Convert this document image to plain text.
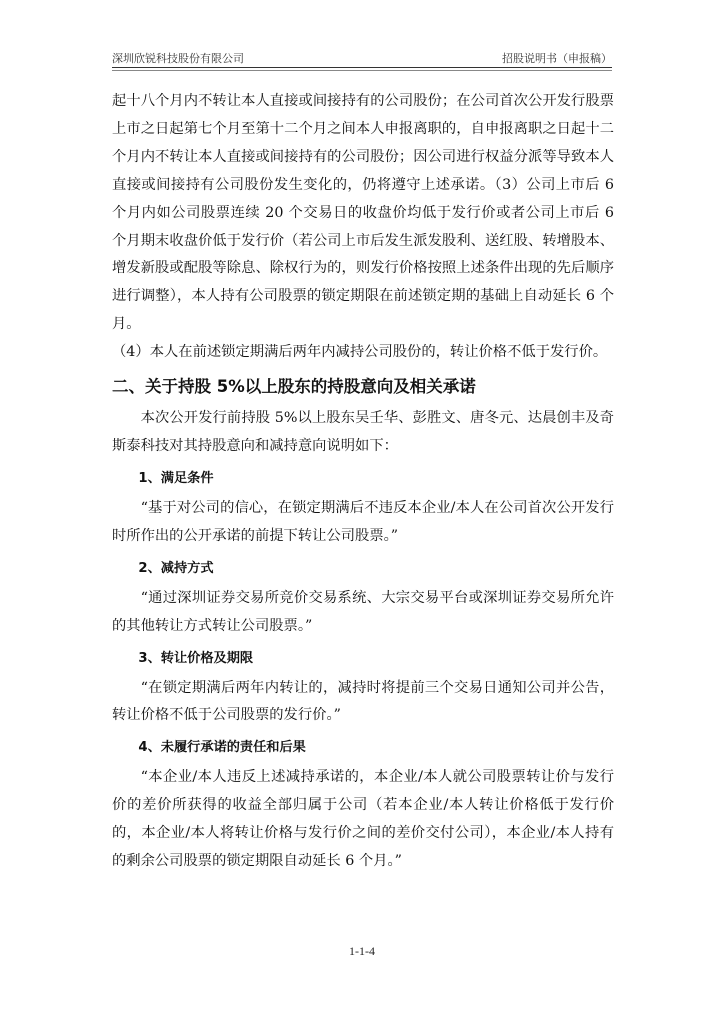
深圳欣锐科技股份有限公司	招股说明书（申报稿）

起十八个月内不转让本人直接或间接持有的公司股份；在公司首次公开发行股票上市之日起第七个月至第十二个月之间本人申报离职的，自申报离职之日起十二个月内不转让本人直接或间接持有的公司股份；因公司进行权益分派等导致本人直接或间接持有公司股份发生变化的，仍将遵守上述承诺。（3）公司上市后 6 个月内如公司股票连续 20 个交易日的收盘价均低于发行价或者公司上市后 6 个月期末收盘价低于发行价（若公司上市后发生派发股利、送红股、转增股本、增发新股或配股等除息、除权行为的，则发行价格按照上述条件出现的先后顺序进行调整），本人持有公司股票的锁定期限在前述锁定期的基础上自动延长 6 个月。

（4）本人在前述锁定期满后两年内减持公司股份的，转让价格不低于发行价。

二、关于持股 5%以上股东的持股意向及相关承诺

本次公开发行前持股 5%以上股东吴壬华、彭胜文、唐冬元、达晨创丰及奇斯泰科技对其持股意向和减持意向说明如下：

1、满足条件

“基于对公司的信心，在锁定期满后不违反本企业/本人在公司首次公开发行时所作出的公开承诺的前提下转让公司股票。”

2、减持方式

“通过深圳证券交易所竞价交易系统、大宗交易平台或深圳证券交易所允许的其他转让方式转让公司股票。”

3、转让价格及期限

“在锁定期满后两年内转让的，减持时将提前三个交易日通知公司并公告，转让价格不低于公司股票的发行价。”

4、未履行承诺的责任和后果

“本企业/本人违反上述减持承诺的，本企业/本人就公司股票转让价与发行价的差价所获得的收益全部归属于公司（若本企业/本人转让价格低于发行价的，本企业/本人将转让价格与发行价之间的差价交付公司），本企业/本人持有的剩余公司股票的锁定期限自动延长 6 个月。”

1-1-4
